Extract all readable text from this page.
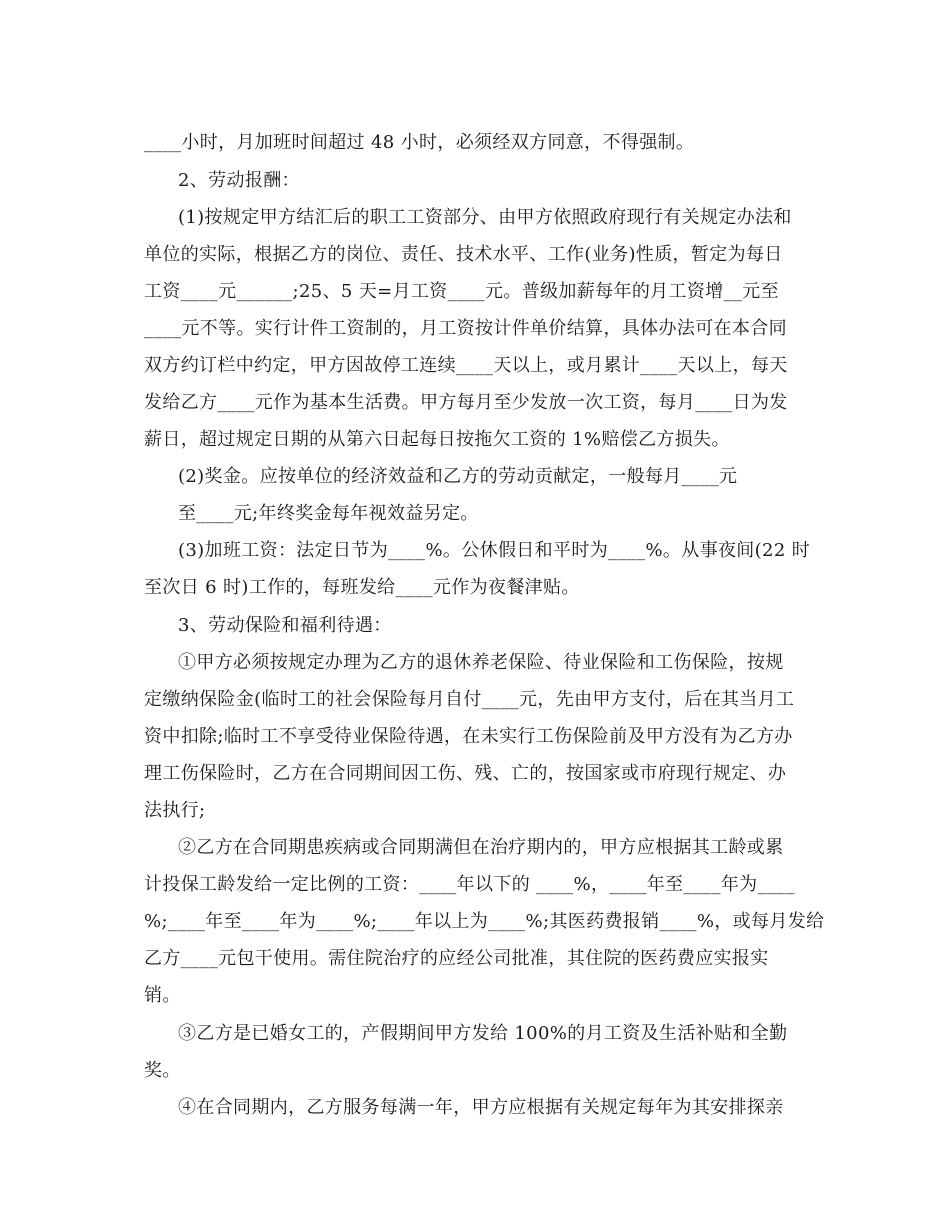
____小时，月加班时间超过 48 小时，必须经双方同意，不得强制。
2、劳动报酬：
(1)按规定甲方结汇后的职工工资部分、由甲方依照政府现行有关规定办法和
单位的实际，根据乙方的岗位、责任、技术水平、工作(业务)性质，暂定为每日
工资____元______;25、5 天=月工资____元。普级加薪每年的月工资增__元至
____元不等。实行计件工资制的，月工资按计件单价结算，具体办法可在本合同
双方约订栏中约定，甲方因故停工连续____天以上，或月累计____天以上，每天
发给乙方____元作为基本生活费。甲方每月至少发放一次工资，每月____日为发
薪日，超过规定日期的从第六日起每日按拖欠工资的 1%赔偿乙方损失。
(2)奖金。应按单位的经济效益和乙方的劳动贡献定，一般每月____元
至____元;年终奖金每年视效益另定。
(3)加班工资：法定日节为____%。公休假日和平时为____%。从事夜间(22 时
至次日 6 时)工作的，每班发给____元作为夜餐津贴。
3、劳动保险和福利待遇：
①甲方必须按规定办理为乙方的退休养老保险、待业保险和工伤保险，按规
定缴纳保险金(临时工的社会保险每月自付____元，先由甲方支付，后在其当月工
资中扣除;临时工不享受待业保险待遇，在未实行工伤保险前及甲方没有为乙方办
理工伤保险时，乙方在合同期间因工伤、残、亡的，按国家或市府现行规定、办
法执行;
②乙方在合同期患疾病或合同期满但在治疗期内的，甲方应根据其工龄或累
计投保工龄发给一定比例的工资：____年以下的 ____%，____年至____年为____
%;____年至____年为____%;____年以上为____%;其医药费报销____%，或每月发给
乙方____元包干使用。需住院治疗的应经公司批准，其住院的医药费应实报实
销。
③乙方是已婚女工的，产假期间甲方发给 100%的月工资及生活补贴和全勤
奖。
④在合同期内，乙方服务每满一年，甲方应根据有关规定每年为其安排探亲
